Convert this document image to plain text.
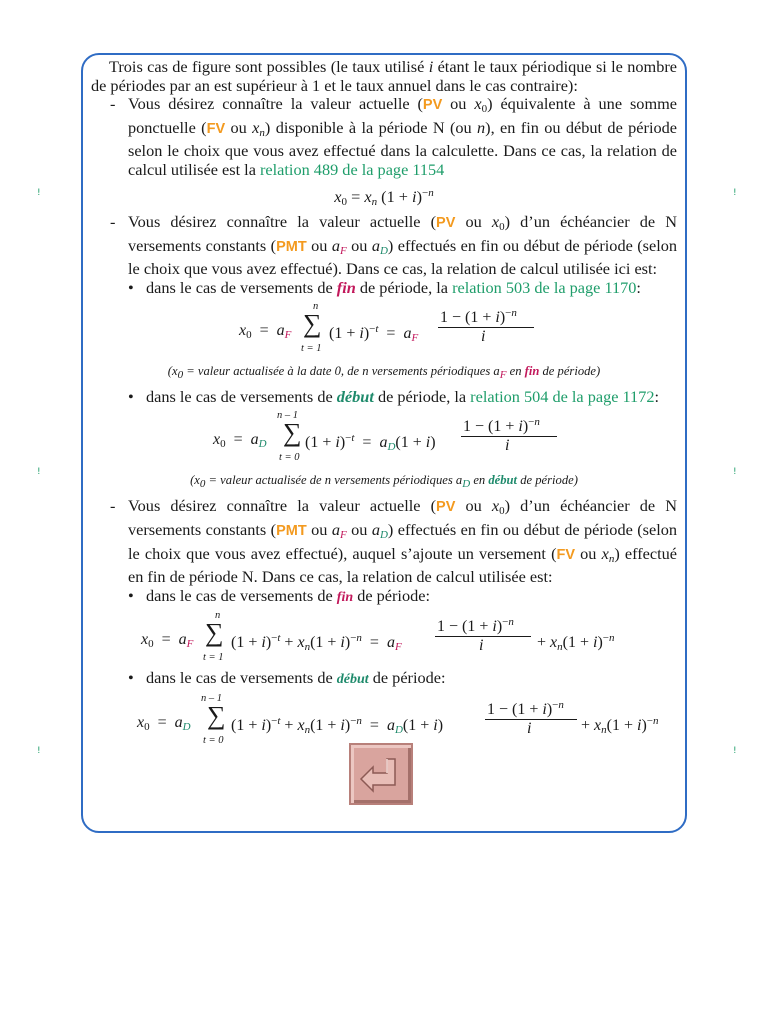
Trois cas de figure sont possibles (le taux utilisé i étant le taux périodique si le nombre de périodes par an est supérieur à 1 et le taux annuel dans le cas contraire):

- Vous désirez connaître la valeur actuelle (PV ou $x_0$) équivalente à une somme ponctuelle (FV ou $x_n$) disponible à la période N (ou n), en fin ou début de période selon le choix que vous avez effectué dans la calculette. Dans ce cas, la relation de calcul utilisée est la relation 489 de la page 1154
$x_0 = x_n$ $(1 + i)^{-n}$
- Vous désirez connaître la valeur actuelle (PV ou $x_0$) d’un échéancier de N versements constants (PMT ou aF ou aD) effectués en fin ou début de période (selon le choix que vous avez effectué). Dans ce cas, la relation de calcul utilisée ici est:
• dans le cas de versements de fin de période, la relation 503 de la page 1170:
$x_0$  =  aF
n
∑
t = 1
$(1 + i)^{-t}$  =  aF
$1 - (1 + i)^{-n}$
i
(x0 = valeur actualisée à la date 0, de n versements périodiques aF en fin de période)
• dans le cas de versements de début de période, la relation 504 de la page 1172:
$x_0$  =  aD
n – 1
∑
t = 0
$(1 + i)^{-t} = aD(1 + i)$
$1 - (1 + i)^{-n}$
i
(x0 = valeur actualisée de n versements périodiques aD en début de période)
- Vous désirez connaître la valeur actuelle (PV ou $x_0$) d’un échéancier de N versements constants (PMT ou aF ou aD) effectués en fin ou début de période (selon le choix que vous avez effectué), auquel s’ajoute un versement (FV ou $x_n$) effectué en fin de période N. Dans ce cas, la relation de calcul utilisée est:
• dans le cas de versements de fin de période:
$x_0$  =  aF
n
∑
t = 1
$(1 + i)^{-t} + x_n(1 + i)^{-n}$  =  aF
$1 - (1 + i)^{-n}$
i	+ $x_n(1 + i)^{-n}$
• dans le cas de versements de début de période:
$x_0$  =  aD
n – 1
∑
t = 0
$(1 + i)^{-t} + x_n(1 + i)^{-n} = aD(1 + i)$
$1 - (1 + i)^{-n}$
i	+ $x_n(1 + i)^{-n}$
!	!
!	!
!	!
